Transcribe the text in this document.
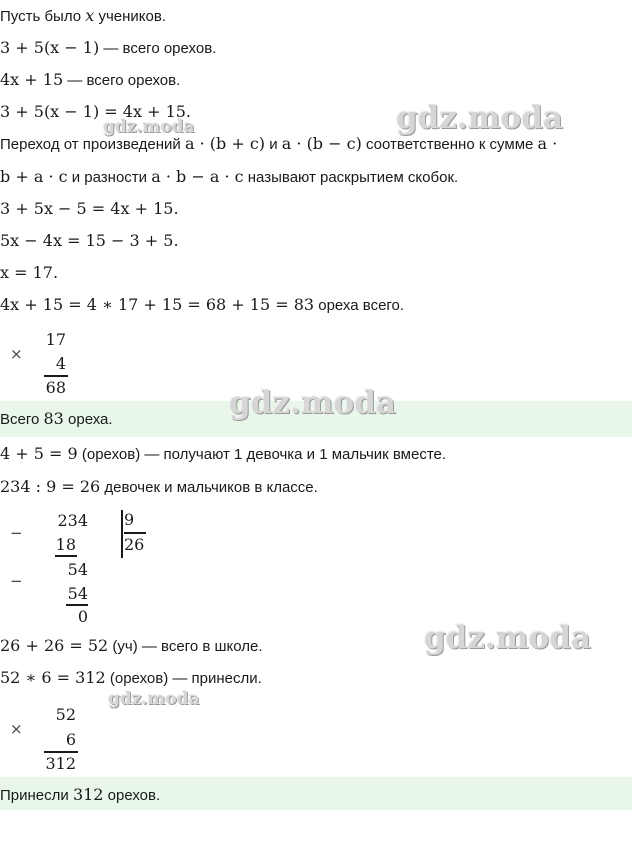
Пусть было x учеников.
3 + 5(x − 1) — всего орехов.
4x + 15 — всего орехов.
3 + 5(x − 1) = 4x + 15.
Переход от произведений a · (b + c) и a · (b − c) соответственно к сумме a ·
b + a · c и разности a · b − a · c называют раскрытием скобок.
3 + 5x − 5 = 4x + 15.
5x − 4x = 15 − 3 + 5.
x = 17.
4x + 15 = 4 ∗ 17 + 15 = 68 + 15 = 83 ореха всего.
×
17
4
68
Всего 83 ореха.
4 + 5 = 9 (орехов) — получают 1 девочка и 1 мальчик вместе.
234 : 9 = 26 девочек и мальчиков в классе.
−
234 9
26
18
−
54
54
0
26 + 26 = 52 (уч) — всего в школе.
52 ∗ 6 = 312 (орехов) — принесли.
×
52
6
312
Принесли 312 орехов.
gdz.moda
gdz.moda
gdz.moda
gdz.moda
gdz.moda
